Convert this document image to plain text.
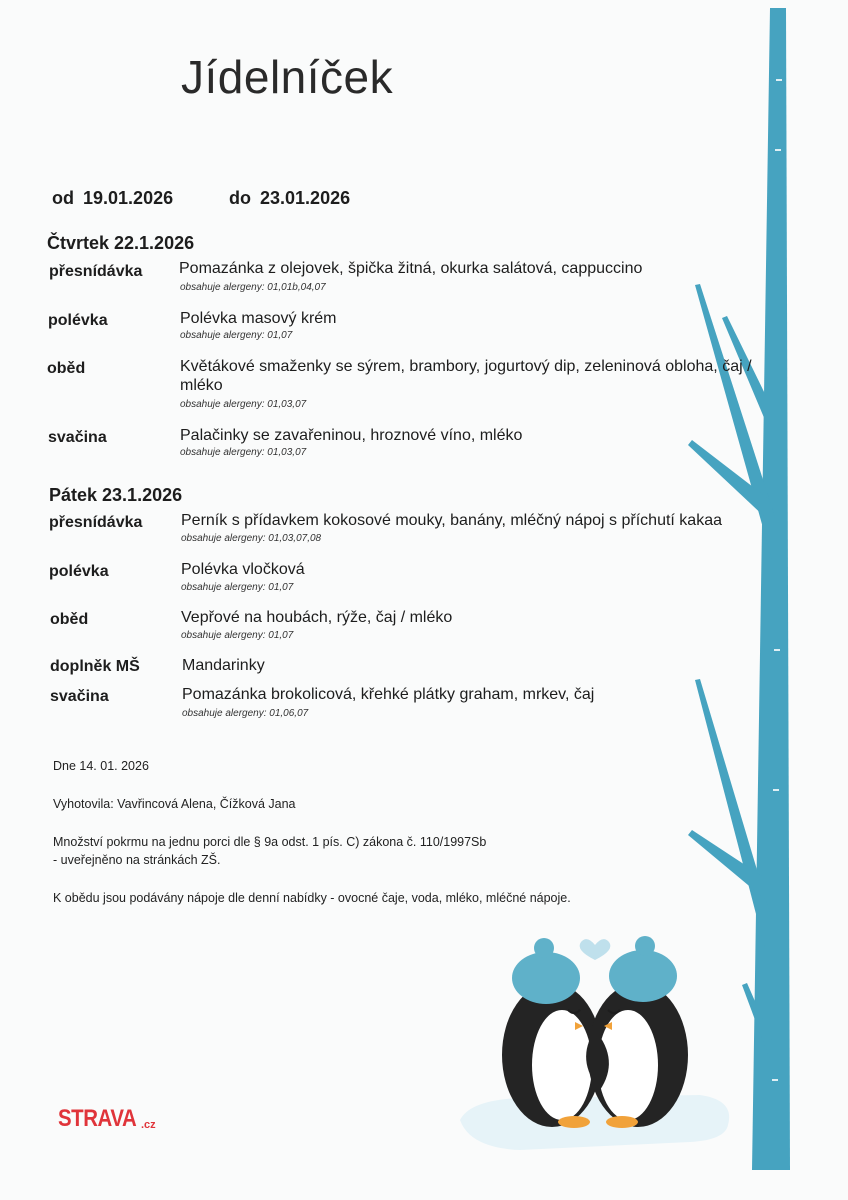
Jídelníček
od 19.01.2026	do 23.01.2026
Čtvrtek 22.1.2026
přesnídávka Pomazánka z olejovek, špička žitná, okurka salátová, cappuccino
obsahuje alergeny: 01,01b,04,07
polévka	Polévka masový krém
obsahuje alergeny: 01,07
oběd	Květákové smaženky se sýrem, brambory, jogurtový dip, zeleninová obloha, čaj / mléko
obsahuje alergeny: 01,03,07
svačina	Palačinky se zavařeninou, hroznové víno, mléko
obsahuje alergeny: 01,03,07
Pátek 23.1.2026
přesnídávka Perník s přídavkem kokosové mouky, banány, mléčný nápoj s příchutí kakaa
obsahuje alergeny: 01,03,07,08
polévka	Polévka vločková
obsahuje alergeny: 01,07
oběd	Vepřové na houbách, rýže, čaj / mléko
obsahuje alergeny: 01,07
doplněk MŠ	Mandarinky
svačina	Pomazánka brokolicová, křehké plátky graham, mrkev, čaj
obsahuje alergeny: 01,06,07
Dne 14. 01. 2026
Vyhotovila: Vavřincová Alena, Čížková Jana
Množství pokrmu na jednu porci dle § 9a odst. 1 pís. C) zákona č. 110/1997Sb
- uveřejněno na stránkách ZŠ.
K obědu jsou podávány nápoje dle denní nabídky - ovocné čaje, voda, mléko, mléčné nápoje.
STRAVA .cz
